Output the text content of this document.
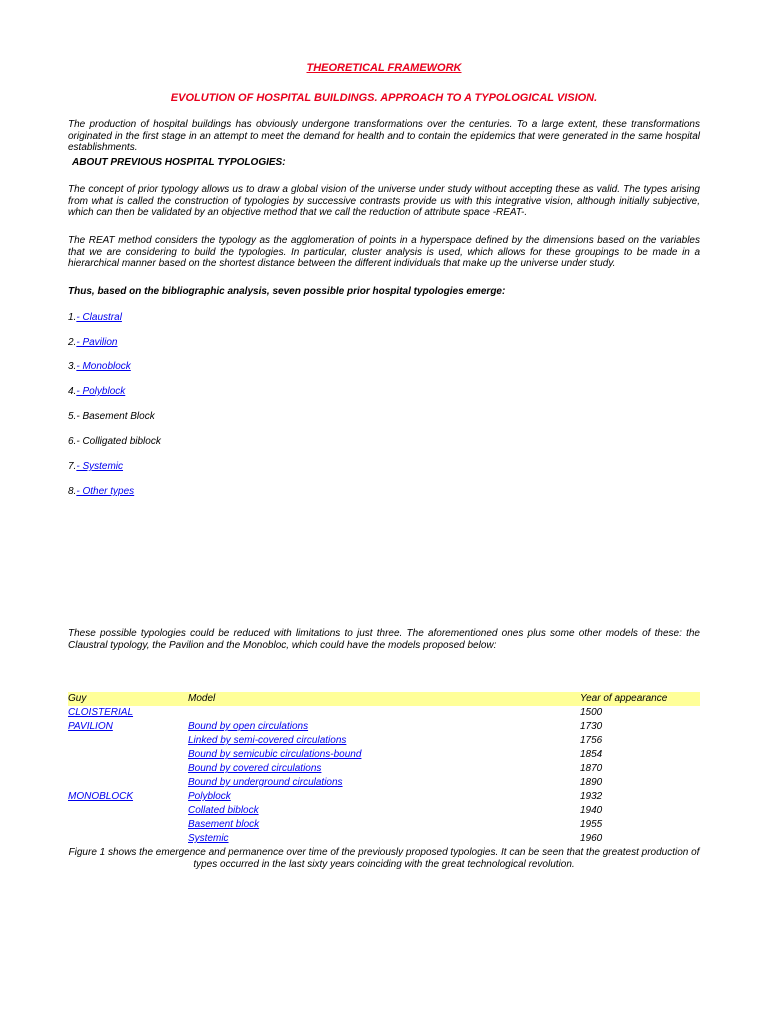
THEORETICAL FRAMEWORK
EVOLUTION OF HOSPITAL BUILDINGS. APPROACH TO A TYPOLOGICAL VISION.
The production of hospital buildings has obviously undergone transformations over the centuries. To a large extent, these transformations originated in the first stage in an attempt to meet the demand for health and to contain the epidemics that were generated in the same hospital establishments.
ABOUT PREVIOUS HOSPITAL TYPOLOGIES:
The concept of prior typology allows us to draw a global vision of the universe under study without accepting these as valid. The types arising from what is called the construction of typologies by successive contrasts provide us with this integrative vision, although initially subjective, which can then be validated by an objective method that we call the reduction of attribute space -REAT-.
The REAT method considers the typology as the agglomeration of points in a hyperspace defined by the dimensions based on the variables that we are considering to build the typologies. In particular, cluster analysis is used, which allows for these groupings to be made in a hierarchical manner based on the shortest distance between the different individuals that make up the universe under study.
Thus, based on the bibliographic analysis, seven possible prior hospital typologies emerge:
1.- Claustral
2.- Pavilion
3.- Monoblock
4.- Polyblock
5.- Basement Block
6.- Colligated biblock
7.- Systemic
8.- Other types
These possible typologies could be reduced with limitations to just three. The aforementioned ones plus some other models of these: the Claustral typology, the Pavilion and the Monobloc, which could have the models proposed below:
Guy	Model	Year of appearance
CLOISTERIAL		1500
PAVILION	Bound by open circulations	1730
	Linked by semi-covered circulations	1756
	Bound by semicubic circulations-bound	1854
	Bound by covered circulations	1870
	Bound by underground circulations	1890
MONOBLOCK	Polyblock	1932
	Collated biblock	1940
	Basement block	1955
	Systemic	1960
Figure 1 shows the emergence and permanence over time of the previously proposed typologies. It can be seen that the greatest production of types occurred in the last sixty years coinciding with the great technological revolution.
